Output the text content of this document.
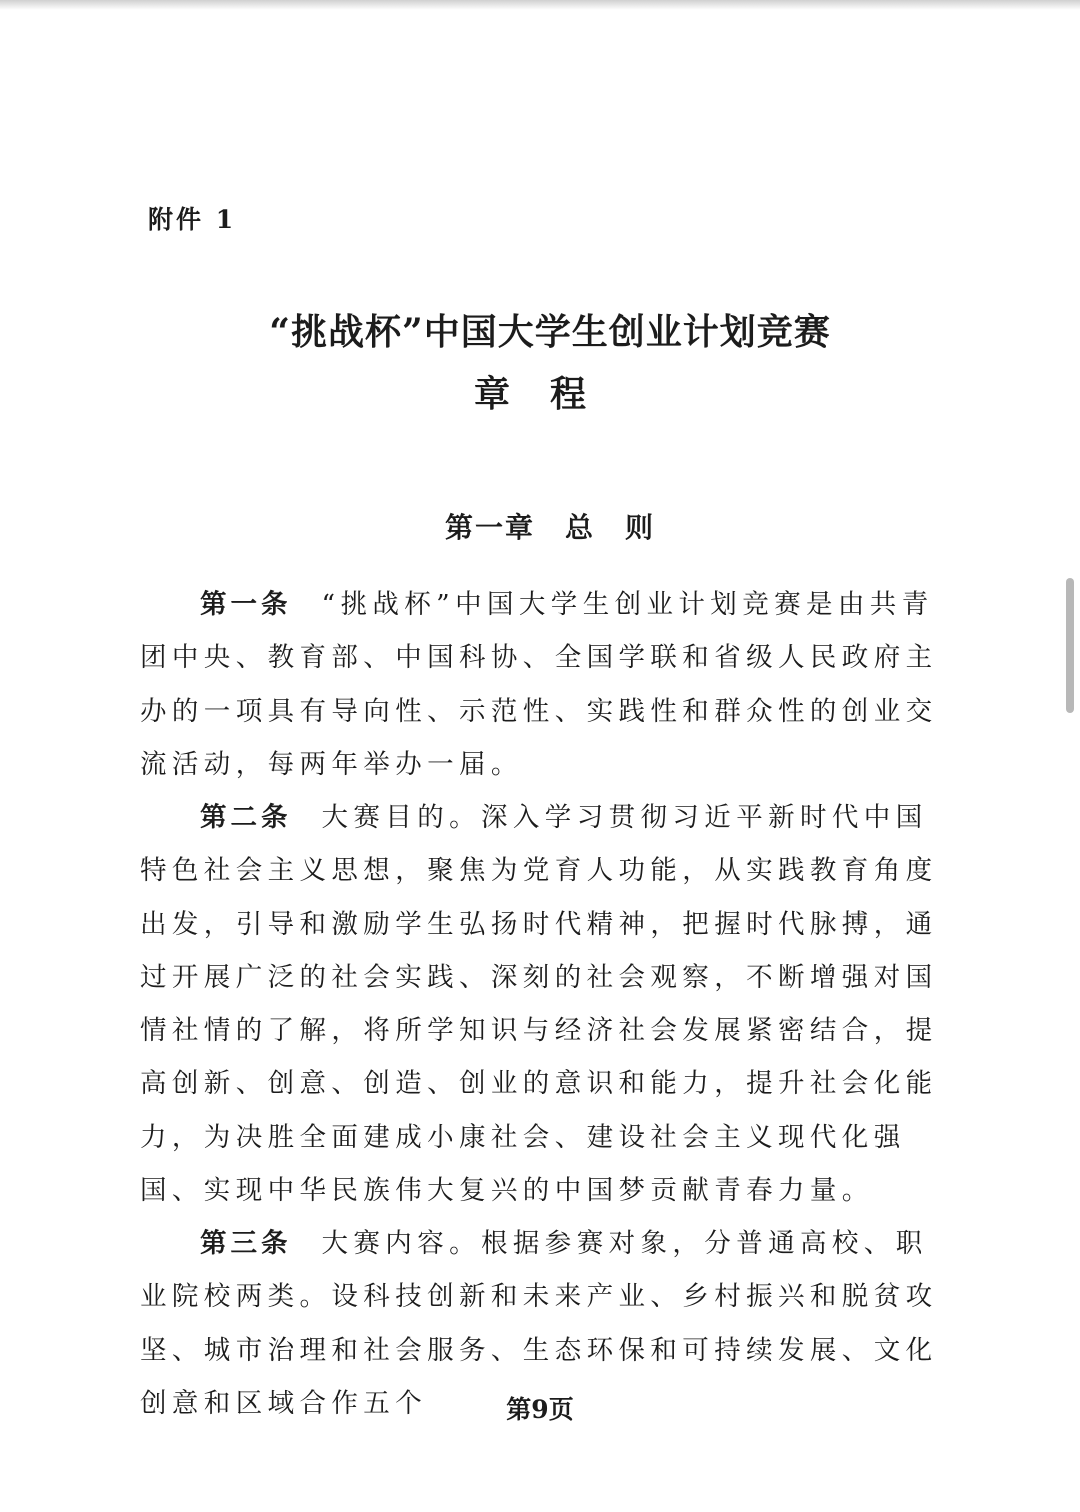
附件 1
“挑战杯”中国大学生创业计划竞赛
章程
第一章　总　则

第一条 “挑战杯”中国大学生创业计划竞赛是由共青团中央、教育部、中国科协、全国学联和省级人民政府主办的一项具有导向性、示范性、实践性和群众性的创业交流活动，每两年举办一届。

第二条 大赛目的。深入学习贯彻习近平新时代中国特色社会主义思想，聚焦为党育人功能，从实践教育角度出发，引导和激励学生弘扬时代精神，把握时代脉搏，通过开展广泛的社会实践、深刻的社会观察，不断增强对国情社情的了解，将所学知识与经济社会发展紧密结合，提高创新、创意、创造、创业的意识和能力，提升社会化能力，为决胜全面建成小康社会、建设社会主义现代化强国、实现中华民族伟大复兴的中国梦贡献青春力量。

第三条 大赛内容。根据参赛对象，分普通高校、职业院校两类。设科技创新和未来产业、乡村振兴和脱贫攻坚、城市治理和社会服务、生态环保和可持续发展、文化创意和区域合作五个	第9页
